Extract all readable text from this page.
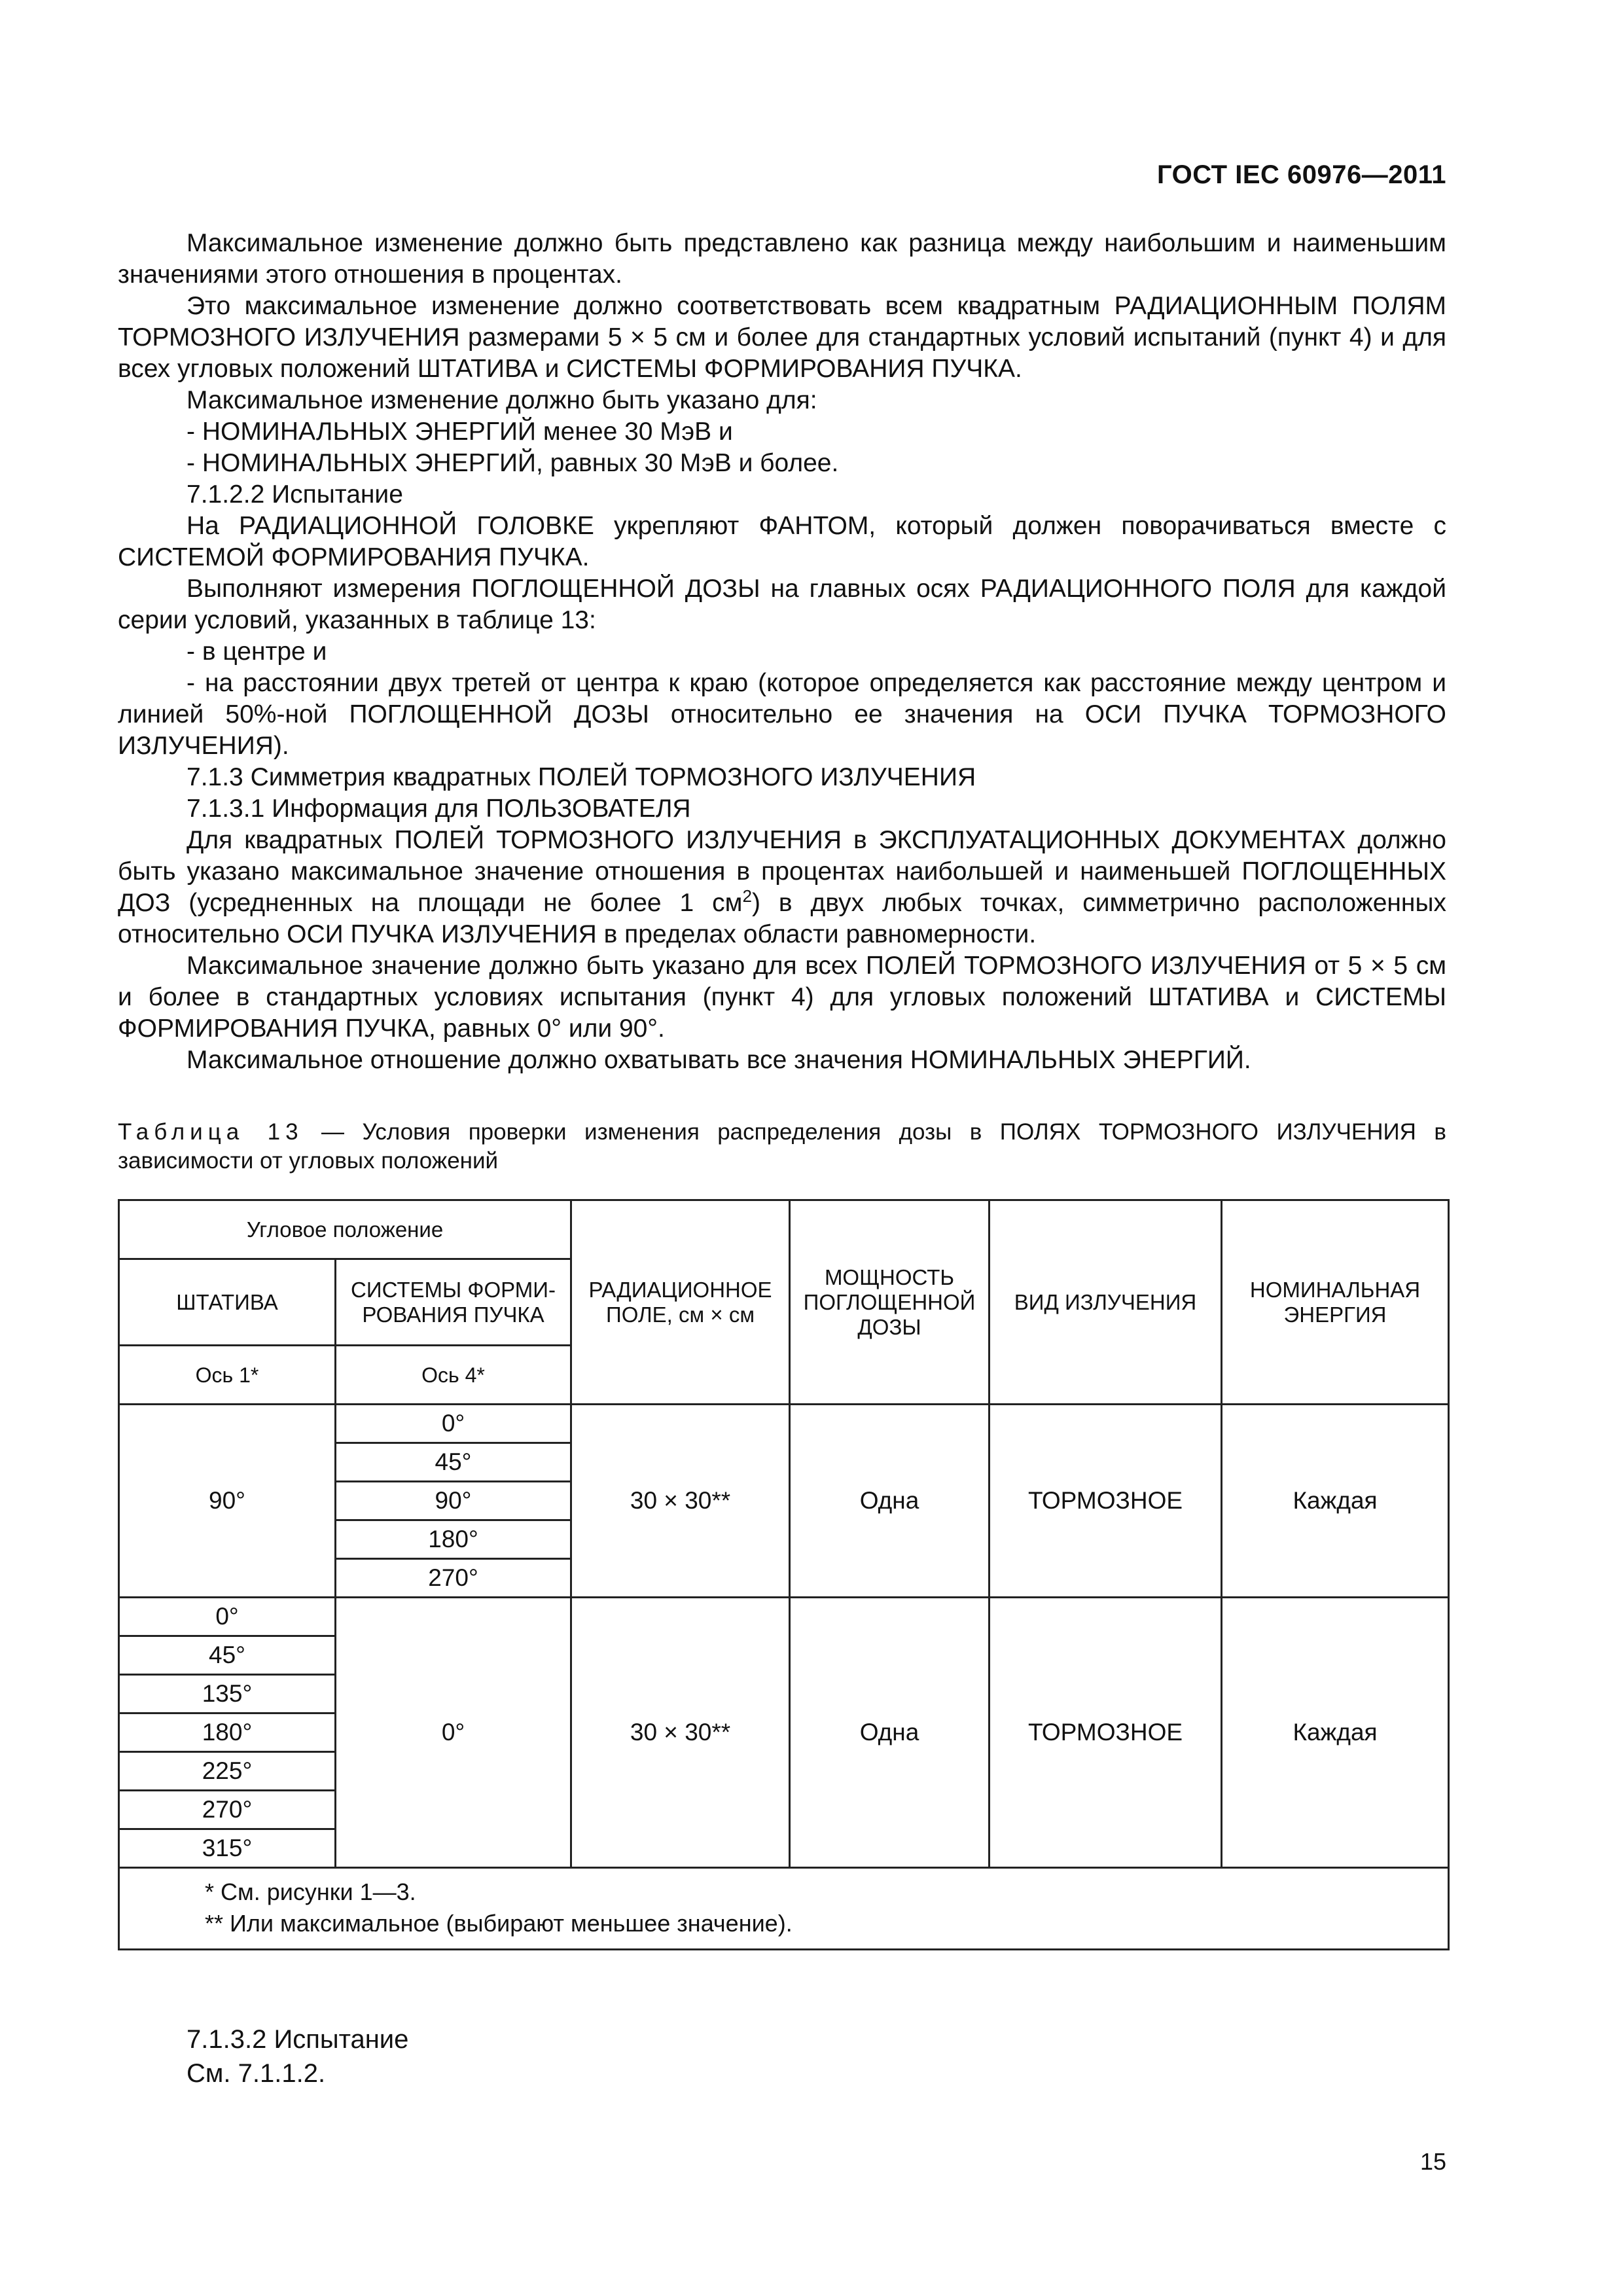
ГОСТ IEC 60976—2011

Максимальное изменение должно быть представлено как разница между наибольшим и наименьшим значениями этого отношения в процентах.

Это максимальное изменение должно соответствовать всем квадратным РАДИАЦИОННЫМ ПОЛЯМ ТОРМОЗНОГО ИЗЛУЧЕНИЯ размерами 5 × 5 см и более для стандартных условий испытаний (пункт 4) и для всех угловых положений ШТАТИВА и СИСТЕМЫ ФОРМИРОВАНИЯ ПУЧКА.

Максимальное изменение должно быть указано для:

- НОМИНАЛЬНЫХ ЭНЕРГИЙ менее 30 МэВ и

- НОМИНАЛЬНЫХ ЭНЕРГИЙ, равных 30 МэВ и более.

7.1.2.2 Испытание

На РАДИАЦИОННОЙ ГОЛОВКЕ укрепляют ФАНТОМ, который должен поворачиваться вместе с СИСТЕМОЙ ФОРМИРОВАНИЯ ПУЧКА.

Выполняют измерения ПОГЛОЩЕННОЙ ДОЗЫ на главных осях РАДИАЦИОННОГО ПОЛЯ для каждой серии условий, указанных в таблице 13:

- в центре и

- на расстоянии двух третей от центра к краю (которое определяется как расстояние между центром и линией 50%-ной ПОГЛОЩЕННОЙ ДОЗЫ относительно ее значения на ОСИ ПУЧКА ТОРМОЗНОГО ИЗЛУЧЕНИЯ).

7.1.3 Симметрия квадратных ПОЛЕЙ ТОРМОЗНОГО ИЗЛУЧЕНИЯ

7.1.3.1 Информация для ПОЛЬЗОВАТЕЛЯ

Для квадратных ПОЛЕЙ ТОРМОЗНОГО ИЗЛУЧЕНИЯ в ЭКСПЛУАТАЦИОННЫХ ДОКУМЕНТАХ должно быть указано максимальное значение отношения в процентах наибольшей и наименьшей ПОГЛОЩЕННЫХ ДОЗ (усредненных на площади не более 1 $см^2$) в двух любых точках, симметрично расположенных относительно ОСИ ПУЧКА ИЗЛУЧЕНИЯ в пределах области равномерности.

Максимальное значение должно быть указано для всех ПОЛЕЙ ТОРМОЗНОГО ИЗЛУЧЕНИЯ от 5 × 5 см и более в стандартных условиях испытания (пункт 4) для угловых положений ШТАТИВА и СИСТЕМЫ ФОРМИРОВАНИЯ ПУЧКА, равных 0° или 90°.

Максимальное отношение должно охватывать все значения НОМИНАЛЬНЫХ ЭНЕРГИЙ.

Таблица 13 — Условия проверки изменения распределения дозы в ПОЛЯХ ТОРМОЗНОГО ИЗЛУЧЕНИЯ в зависимости от угловых положений
Угловое положение		РАДИАЦИОННОЕ ПОЛЕ, см × см	МОЩНОСТЬ ПОГЛОЩЕННОЙ ДОЗЫ	ВИД ИЗЛУЧЕНИЯ	НОМИНАЛЬНАЯ ЭНЕРГИЯ
ШТАТИВА	СИСТЕМЫ ФОРМИ-РОВАНИЯ ПУЧКА				
Ось 1*	Ось 4*				
90°	0°	30 × 30**	Одна	ТОРМОЗНОЕ	Каждая
	45°				
	90°				
	180°				
	270°				
0°	0°	30 × 30**	Одна	ТОРМОЗНОЕ	Каждая
45°					
135°					
180°					
225°					
270°					
315°					

* См. рисунки 1—3.
** Или максимальное (выбирают меньшее значение).					
7.1.3.2 Испытание
См. 7.1.1.2.
15
